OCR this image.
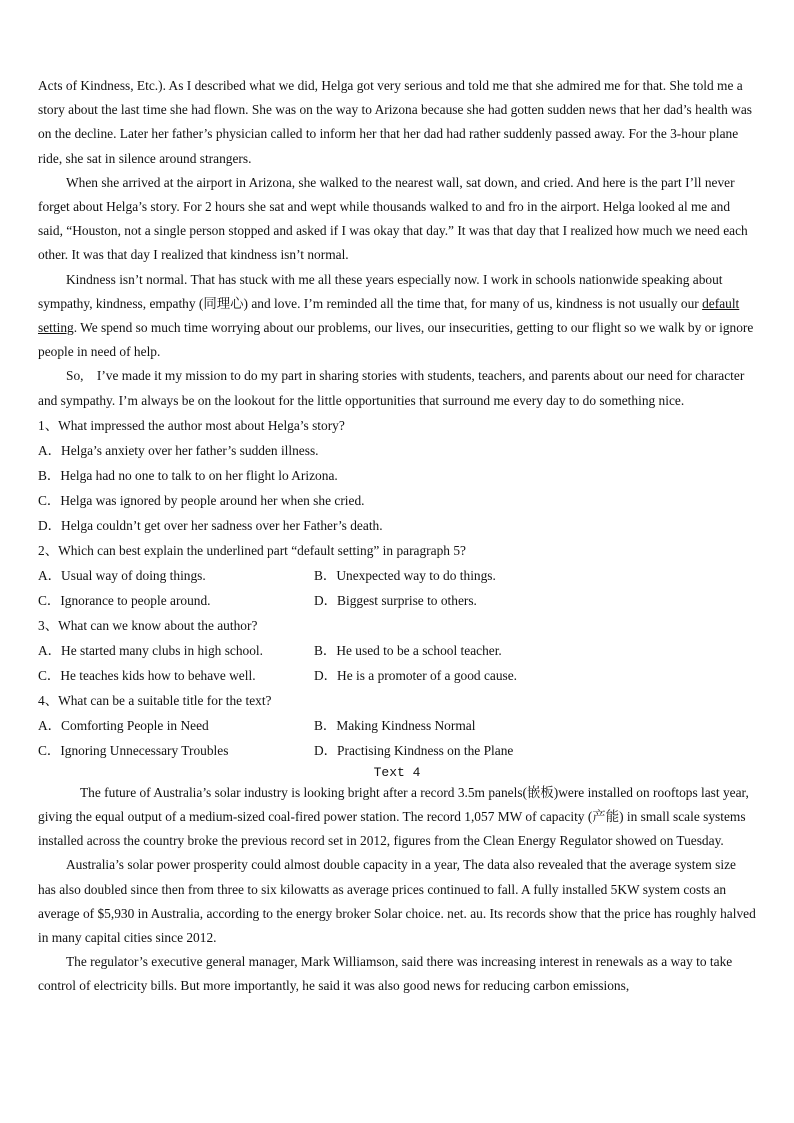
Acts of Kindness, Etc.). As I described what we did, Helga got very serious and told me that she admired me for that. She told me a story about the last time she had flown. She was on the way to Arizona because she had gotten sudden news that her dad’s health was on the decline. Later her father’s physician called to inform her that her dad had rather suddenly passed away. For the 3-hour plane ride, she sat in silence around strangers.

When she arrived at the airport in Arizona, she walked to the nearest wall, sat down, and cried. And here is the part I’ll never forget about Helga’s story. For 2 hours she sat and wept while thousands walked to and fro in the airport. Helga looked al me and said, “Houston, not a single person stopped and asked if I was okay that day.” It was that day that I realized how much we need each other. It was that day I realized that kindness isn’t normal.

Kindness isn’t normal. That has stuck with me all these years especially now. I work in schools nationwide speaking about sympathy, kindness, empathy (同理心) and love. I’m reminded all the time that, for many of us, kindness is not usually our default setting. We spend so much time worrying about our problems, our lives, our insecurities, getting to our flight so we walk by or ignore people in need of help.

So,　I’ve made it my mission to do my part in sharing stories with students, teachers, and parents about our need for character and sympathy. I’m always be on the lookout for the little opportunities that surround me every day to do something nice.

1、What impressed the author most about Helga’s story?

A．Helga’s anxiety over her father’s sudden illness.

B．Helga had no one to talk to on her flight lo Arizona.

C．Helga was ignored by people around her when she cried.

D．Helga couldn’t get over her sadness over her Father’s death.

2、Which can best explain the underlined part “default setting” in paragraph 5?

A．Usual way of doing things.	B．Unexpected way to do things.
C．Ignorance to people around.	D．Biggest surprise to others.

3、What can we know about the author?

A．He started many clubs in high school.	B．He used to be a school teacher.
C．He teaches kids how to behave well.	D．He is a promoter of a good cause.

4、What can be a suitable title for the text?

A．Comforting People in Need	B．Making Kindness Normal
C．Ignoring Unnecessary Troubles	D．Practising Kindness on the Plane
Text 4

The future of Australia’s solar industry is looking bright after a record 3.5m panels(嵌板)were installed on rooftops last year, giving the equal output of a medium-sized coal-fired power station. The record 1,057 MW of capacity (产能) in small scale systems installed across the country broke the previous record set in 2012, figures from the Clean Energy Regulator showed on Tuesday.

Australia’s solar power prosperity could almost double capacity in a year, The data also revealed that the average system size has also doubled since then from three to six kilowatts as average prices continued to fall. A fully installed 5KW system costs an average of $5,930 in Australia, according to the energy broker Solar choice. net. au. Its records show that the price has roughly halved in many capital cities since 2012.

The regulator’s executive general manager, Mark Williamson, said there was increasing interest in renewals as a way to take control of electricity bills. But more importantly, he said it was also good news for reducing carbon emissions,
